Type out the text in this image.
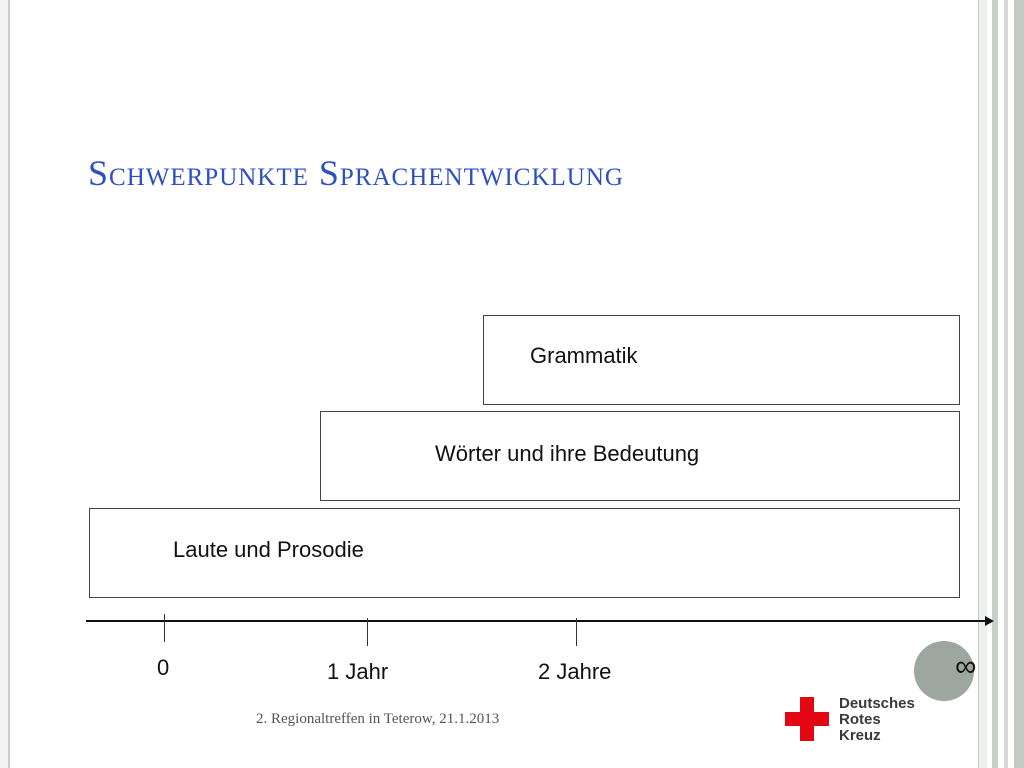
Schwerpunkte Sprachentwicklung
Grammatik
Wörter und ihre Bedeutung
Laute und Prosodie
0	1 Jahr	2 Jahre	∞
2. Regionaltreffen in Teterow, 21.1.2013
Deutsches
Rotes
Kreuz
